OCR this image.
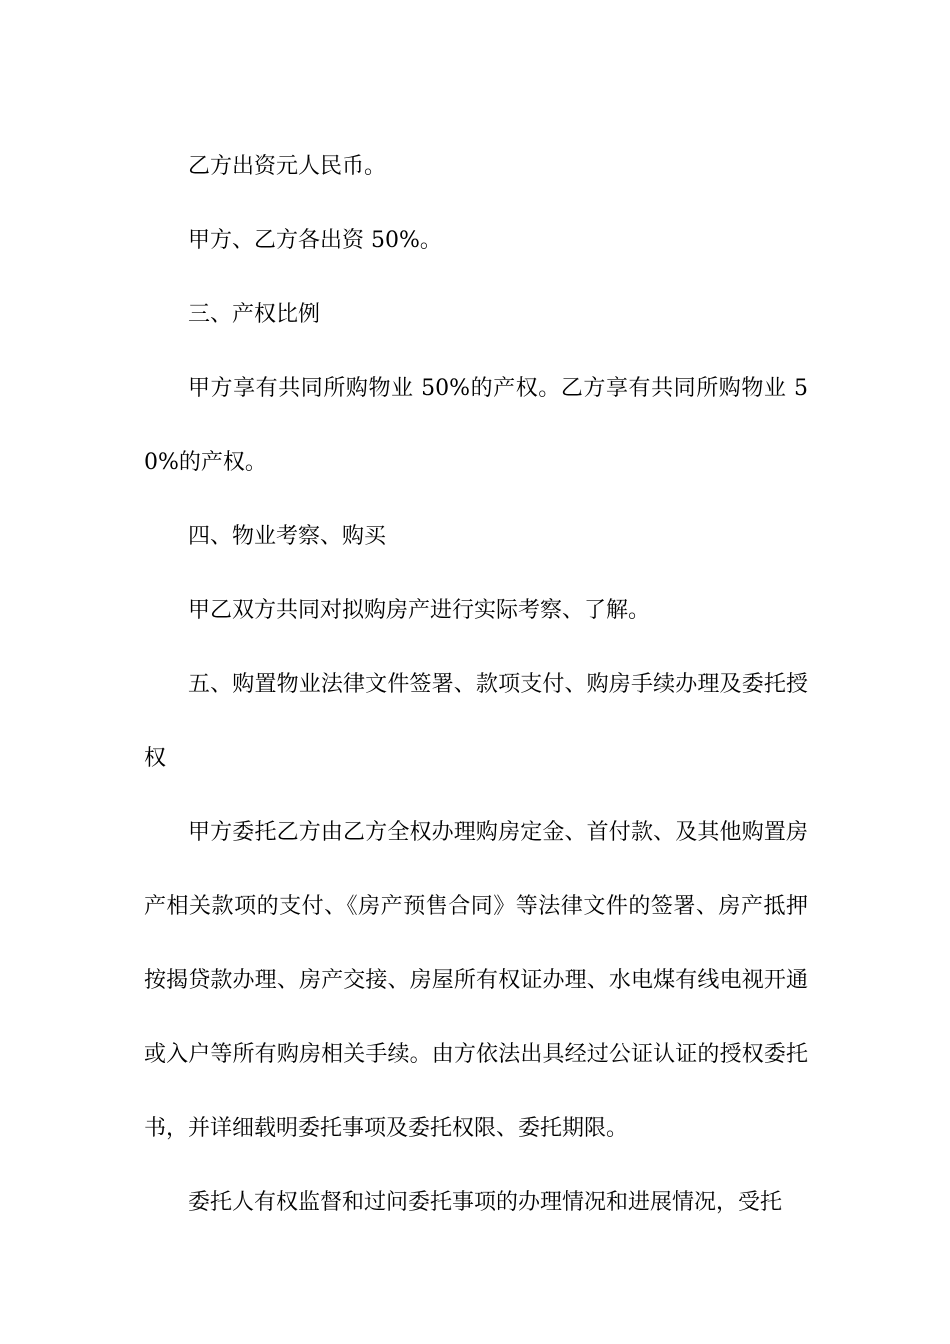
乙方出资元人民币。

甲方、乙方各出资 50%。

三、产权比例

甲方享有共同所购物业 50%的产权。乙方享有共同所购物业 50%的产权。

四、物业考察、购买

甲乙双方共同对拟购房产进行实际考察、了解。

五、购置物业法律文件签署、款项支付、购房手续办理及委托授权

甲方委托乙方由乙方全权办理购房定金、首付款、及其他购置房产相关款项的支付、《房产预售合同》等法律文件的签署、房产抵押按揭贷款办理、房产交接、房屋所有权证办理、水电煤有线电视开通或入户等所有购房相关手续。由方依法出具经过公证认证的授权委托书，并详细载明委托事项及委托权限、委托期限。

委托人有权监督和过问委托事项的办理情况和进展情况，受托
